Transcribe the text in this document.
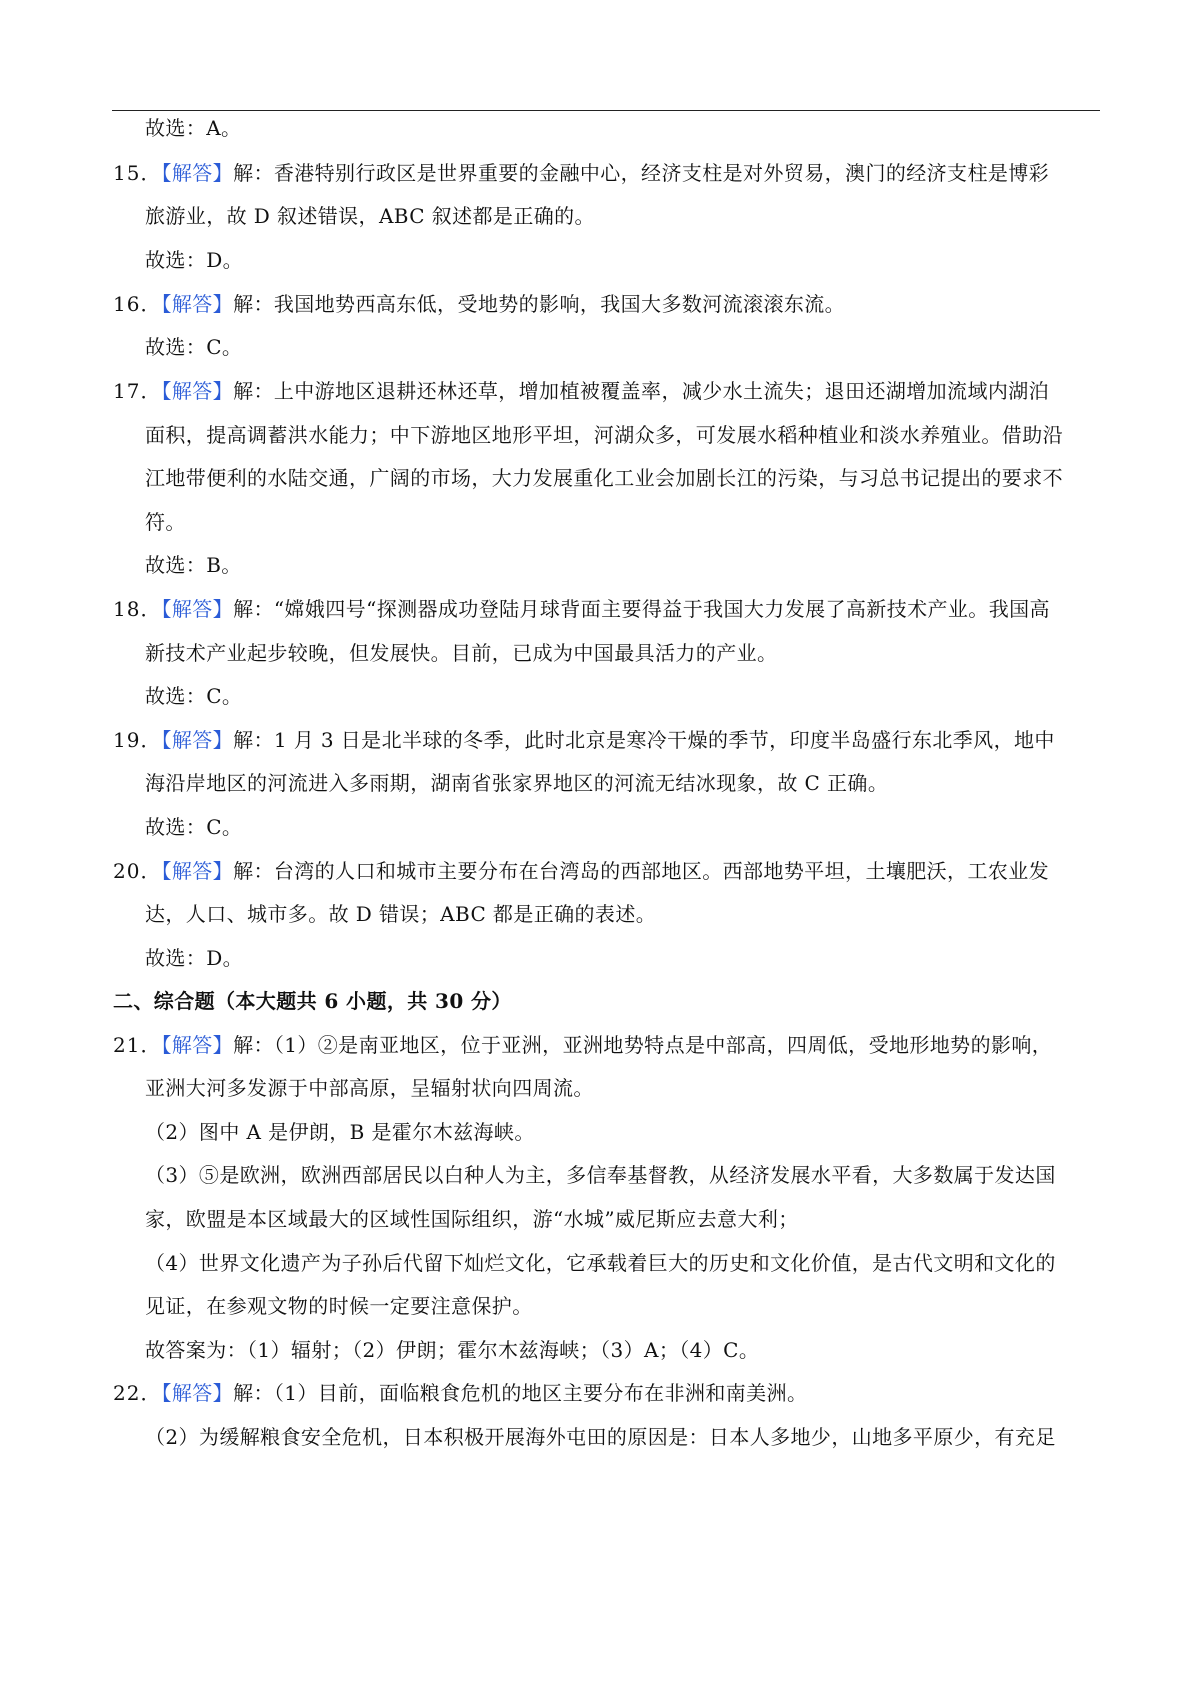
故选：A。
15．【解答】解：香港特别行政区是世界重要的金融中心，经济支柱是对外贸易，澳门的经济支柱是博彩
旅游业，故 D 叙述错误，ABC 叙述都是正确的。
故选：D。
16．【解答】解：我国地势西高东低，受地势的影响，我国大多数河流滚滚东流。
故选：C。
17．【解答】解：上中游地区退耕还林还草，增加植被覆盖率，减少水土流失；退田还湖增加流域内湖泊
面积，提高调蓄洪水能力；中下游地区地形平坦，河湖众多，可发展水稻种植业和淡水养殖业。借助沿
江地带便利的水陆交通，广阔的市场，大力发展重化工业会加剧长江的污染，与习总书记提出的要求不
符。
故选：B。
18．【解答】解：“嫦娥四号“探测器成功登陆月球背面主要得益于我国大力发展了高新技术产业。我国高
新技术产业起步较晚，但发展快。目前，已成为中国最具活力的产业。
故选：C。
19．【解答】解：1 月 3 日是北半球的冬季，此时北京是寒冷干燥的季节，印度半岛盛行东北季风，地中
海沿岸地区的河流进入多雨期，湖南省张家界地区的河流无结冰现象，故 C 正确。
故选：C。
20．【解答】解：台湾的人口和城市主要分布在台湾岛的西部地区。西部地势平坦，土壤肥沃，工农业发
达，人口、城市多。故 D 错误；ABC 都是正确的表述。
故选：D。
二、综合题（本大题共 6 小题，共 30 分）
21．【解答】解：（1）②是南亚地区，位于亚洲，亚洲地势特点是中部高，四周低，受地形地势的影响，
亚洲大河多发源于中部高原，呈辐射状向四周流。
（2）图中 A 是伊朗，B 是霍尔木兹海峡。
（3）⑤是欧洲，欧洲西部居民以白种人为主，多信奉基督教，从经济发展水平看，大多数属于发达国
家，欧盟是本区域最大的区域性国际组织，游“水城”威尼斯应去意大利；
（4）世界文化遗产为子孙后代留下灿烂文化，它承载着巨大的历史和文化价值，是古代文明和文化的
见证，在参观文物的时候一定要注意保护。
故答案为：（1）辐射；（2）伊朗；霍尔木兹海峡；（3）A；（4）C。
22．【解答】解：（1）目前，面临粮食危机的地区主要分布在非洲和南美洲。
（2）为缓解粮食安全危机，日本积极开展海外屯田的原因是：日本人多地少，山地多平原少，有充足
